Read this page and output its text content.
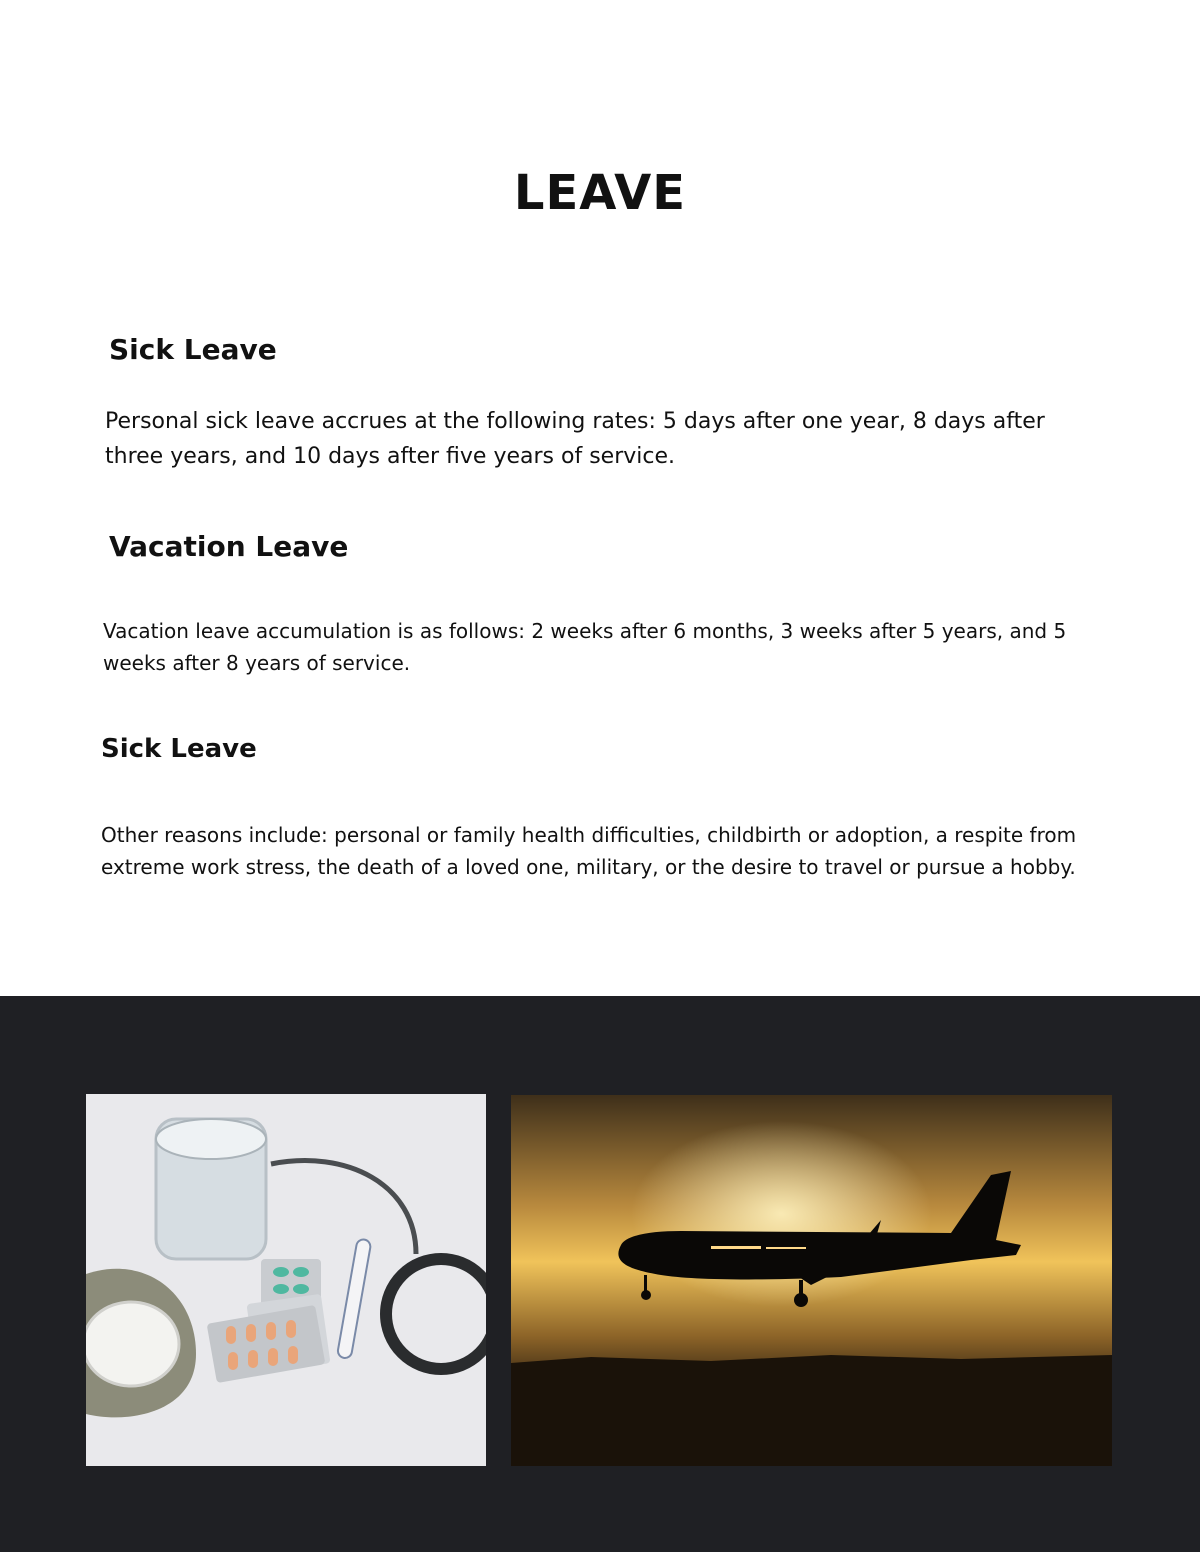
LEAVE
Sick Leave

Personal sick leave accrues at the following rates: 5 days after one year, 8 days after three years, and 10 days after five years of service.

Vacation Leave

Vacation leave accumulation is as follows: 2 weeks after 6 months, 3 weeks after 5 years, and 5 weeks after 8 years of service.

Sick Leave

Other reasons include: personal or family health difficulties, childbirth or adoption, a respite from extreme work stress, the death of a loved one, military, or the desire to travel or pursue a hobby.
